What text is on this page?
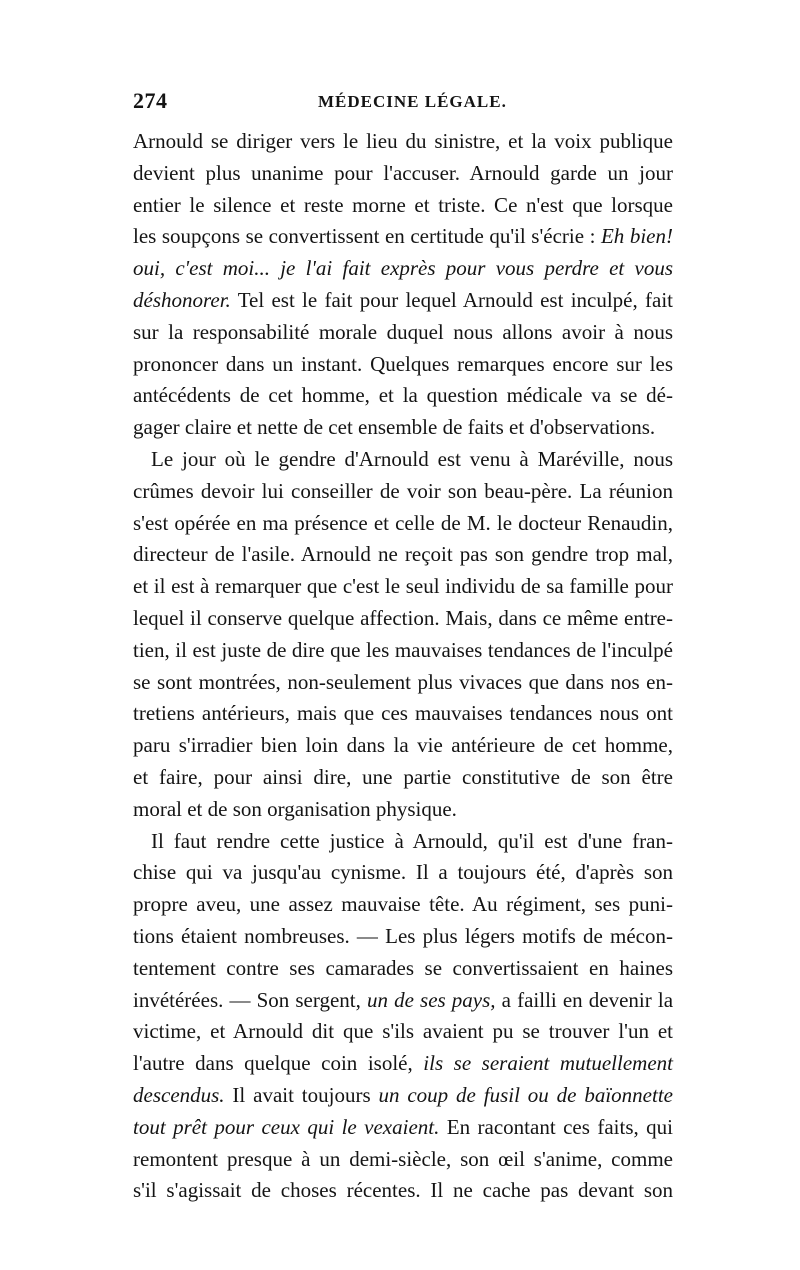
274	MÉDECINE LÉGALE.
Arnould se diriger vers le lieu du sinistre, et la voix publique
devient plus unanime pour l'accuser. Arnould garde un jour
entier le silence et reste morne et triste. Ce n'est que lorsque
les soupçons se convertissent en certitude qu'il s'écrie : Eh bien!
oui, c'est moi... je l'ai fait exprès pour vous perdre et vous
déshonorer. Tel est le fait pour lequel Arnould est inculpé, fait
sur la responsabilité morale duquel nous allons avoir à nous
prononcer dans un instant. Quelques remarques encore sur les
antécédents de cet homme, et la question médicale va se dé-
gager claire et nette de cet ensemble de faits et d'observations.
Le jour où le gendre d'Arnould est venu à Maréville, nous
crûmes devoir lui conseiller de voir son beau-père. La réunion
s'est opérée en ma présence et celle de M. le docteur Renaudin,
directeur de l'asile. Arnould ne reçoit pas son gendre trop mal,
et il est à remarquer que c'est le seul individu de sa famille pour
lequel il conserve quelque affection. Mais, dans ce même entre-
tien, il est juste de dire que les mauvaises tendances de l'inculpé
se sont montrées, non-seulement plus vivaces que dans nos en-
tretiens antérieurs, mais que ces mauvaises tendances nous ont
paru s'irradier bien loin dans la vie antérieure de cet homme,
et faire, pour ainsi dire, une partie constitutive de son être
moral et de son organisation physique.
Il faut rendre cette justice à Arnould, qu'il est d'une fran-
chise qui va jusqu'au cynisme. Il a toujours été, d'après son
propre aveu, une assez mauvaise tête. Au régiment, ses puni-
tions étaient nombreuses. — Les plus légers motifs de mécon-
tentement contre ses camarades se convertissaient en haines
invétérées. — Son sergent, un de ses pays, a failli en devenir la
victime, et Arnould dit que s'ils avaient pu se trouver l'un et
l'autre dans quelque coin isolé, ils se seraient mutuellement
descendus. Il avait toujours un coup de fusil ou de baïonnette
tout prêt pour ceux qui le vexaient. En racontant ces faits, qui
remontent presque à un demi-siècle, son œil s'anime, comme
s'il s'agissait de choses récentes. Il ne cache pas devant son
